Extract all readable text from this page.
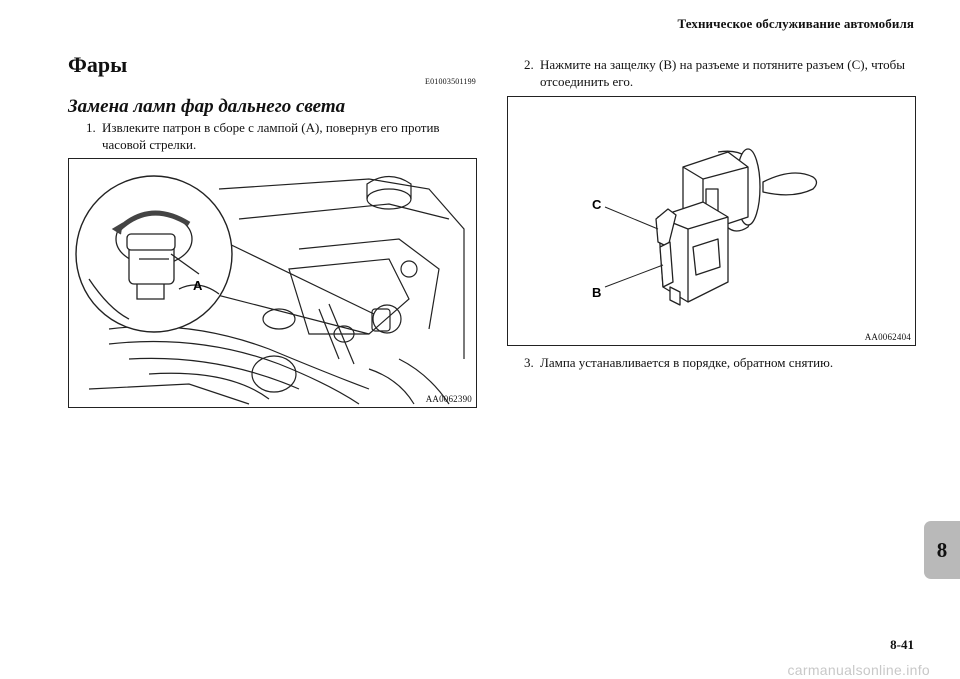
Техническое обслуживание автомобиля
Фары
E01003501199
Замена ламп фар дальнего света
1. Извлеките патрон в сборе с лампой (A), повернув его против часовой стрелки.
A
AA0062390
2. Нажмите на защелку (B) на разъеме и потяните разъем (C), чтобы отсоединить его.
C
B
AA0062404
3. Лампа устанавливается в порядке, обратном снятию.
8
8-41
carmanualsonline.info
